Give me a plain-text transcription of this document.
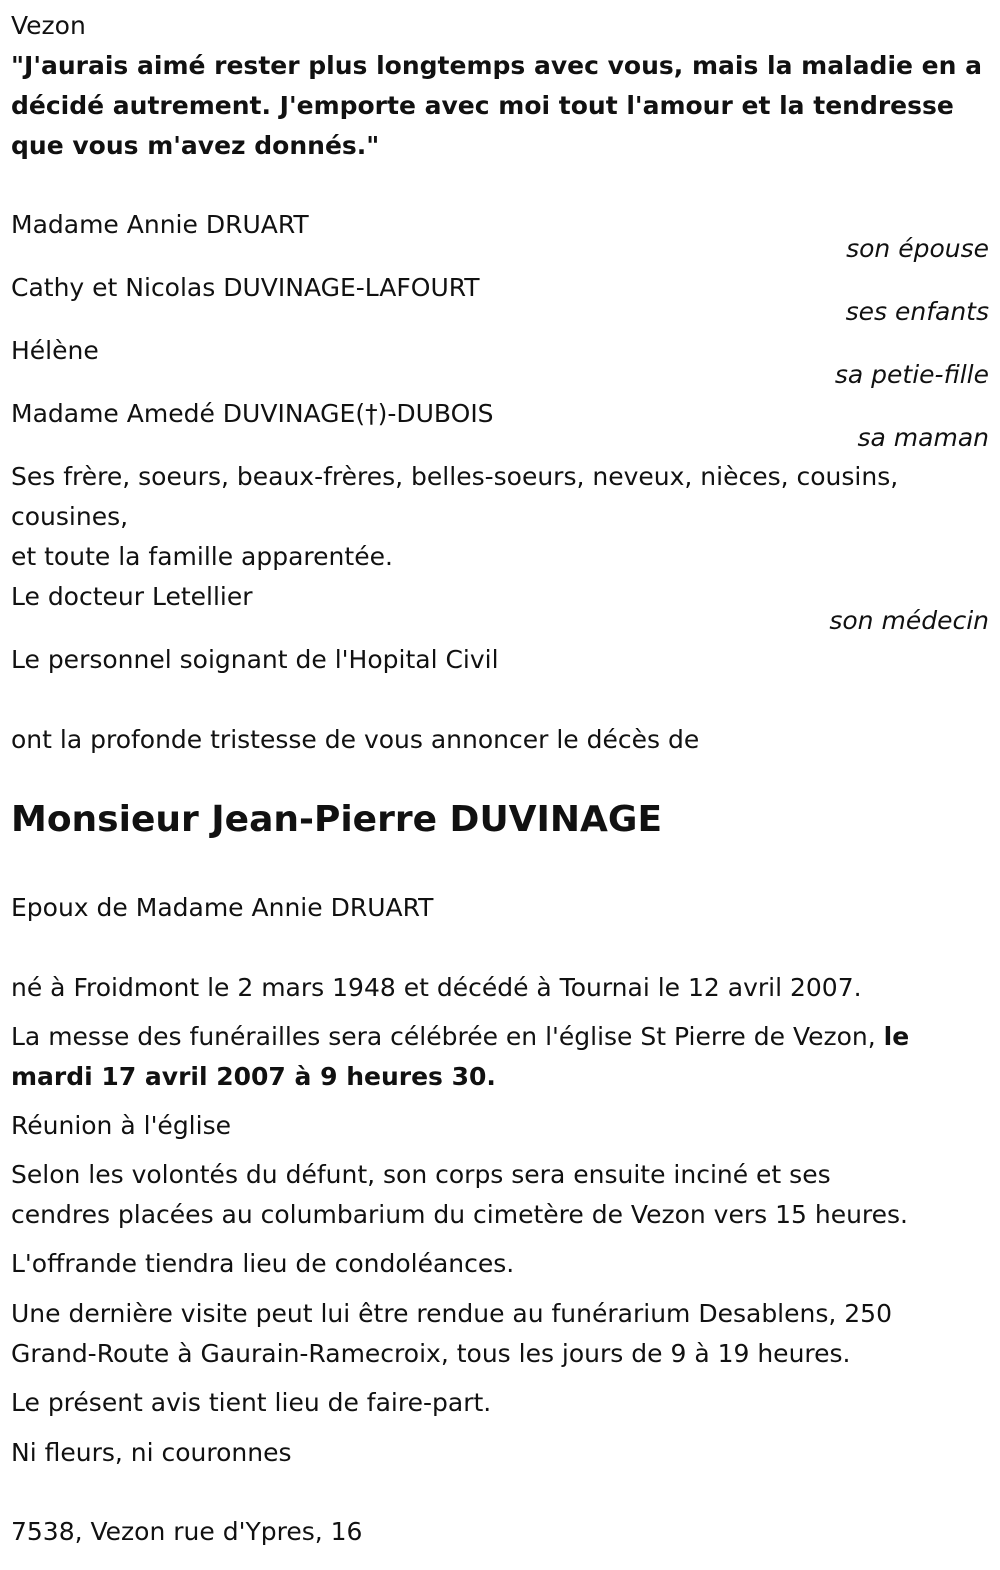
Vezon
"J'aurais aimé rester plus longtemps avec vous, mais la maladie en a
décidé autrement. J'emporte avec moi tout l'amour et la tendresse
que vous m'avez donnés."
Madame Annie DRUART
son épouse
Cathy et Nicolas DUVINAGE-LAFOURT
ses enfants
Hélène
sa petie-fille
Madame Amedé DUVINAGE(†)-DUBOIS
sa maman
Ses frère, soeurs, beaux-frères, belles-soeurs, neveux, nièces, cousins,
cousines,
et toute la famille apparentée.
Le docteur Letellier
son médecin
Le personnel soignant de l'Hopital Civil
ont la profonde tristesse de vous annoncer le décès de
Monsieur Jean-Pierre DUVINAGE
Epoux de Madame Annie DRUART
né à Froidmont le 2 mars 1948 et décédé à Tournai le 12 avril 2007.
La messe des funérailles sera célébrée en l'église St Pierre de Vezon, le
mardi 17 avril 2007 à 9 heures 30.
Réunion à l'église
Selon les volontés du défunt, son corps sera ensuite inciné et ses
cendres placées au columbarium du cimetère de Vezon vers 15 heures.
L'offrande tiendra lieu de condoléances.
Une dernière visite peut lui être rendue au funérarium Desablens, 250
Grand-Route à Gaurain-Ramecroix, tous les jours de 9 à 19 heures.
Le présent avis tient lieu de faire-part.
Ni fleurs, ni couronnes
7538, Vezon rue d'Ypres, 16
